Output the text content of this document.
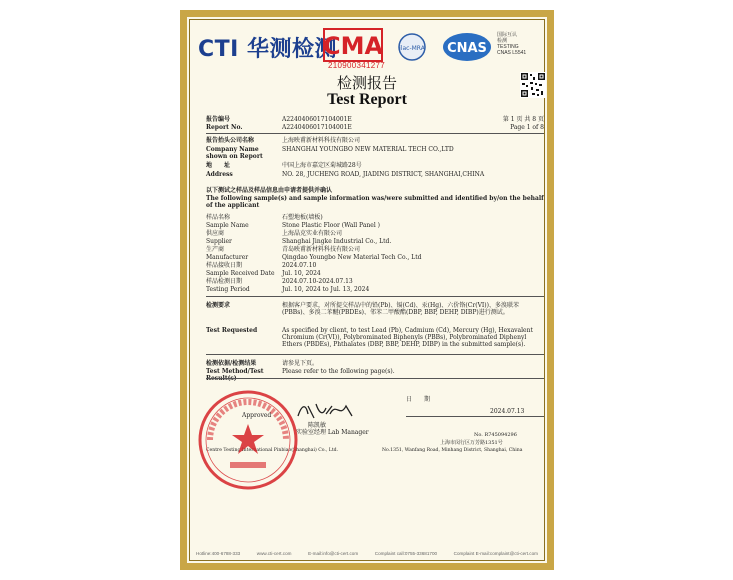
CTI 华测检测
CMA
210900341277
ilac-MRA CNAS
国际互认
检测
TESTING
CNAS L5541
检测报告
Test Report
报告编号	A2240406017104001E	第 1 页 共 8 页
Report No.	A2240406017104001E	Page 1 of 8
报告抬头公司名称	上海映甫新材料科技有限公司
Company Name shown on Report
SHANGHAI YOUNGBO NEW MATERIAL TECH CO.,LTD
地　　址	中国上海市嘉定区菊城路28号
Address	NO. 28, JUCHENG ROAD, JIADING DISTRICT, SHANGHAI,CHINA
以下测试之样品及样品信息由申请者提供并确认
The following sample(s) and sample information was/were submitted and identified by/on the behalf of the applicant
样品名称	石塑地板(墙板)
Sample Name	Stone Plastic Floor (Wall Panel )
供应商	上海晶克实业有限公司
Supplier	Shanghai Jingke Industrial Co., Ltd.
生产商	青岛映甫新材料科技有限公司
Manufacturer	Qingdao Youngbo New Material Tech Co., Ltd
样品接收日期	2024.07.10
Sample Received Date	Jul. 10, 2024
样品检测日期	2024.07.10-2024.07.13
Testing Period	Jul. 10, 2024 to Jul. 13, 2024
检测要求	根据客户要求，对所提交样品中的铅(Pb)、镉(Cd)、汞(Hg)、六价铬(Cr(VI))、多溴联苯(PBBs)、多溴二苯醚(PBDEs)、邻苯二甲酸酯(DBP, BBP, DEHP, DIBP)进行测试。
Test Requested	As specified by client, to test Lead (Pb), Cadmium (Cd), Mercury (Hg), Hexavalent Chromium (Cr(VI)), Polybrominated Biphenyls (PBBs), Polybrominated Diphenyl Ethers (PBDEs), Phthalates (DBP, BBP, DEHP, DIBP) in the submitted sample(s).
检测依据/检测结果	请参见下页。
Test Method/Test Result(s)
Please refer to the following page(s).
陈凯敏
实验室经理 Lab Manager
Approved
日　　期
2024.07.13
No. R745094296
上海市闵行区万芳路1351号
No.1351, Wanfang Road, Minhang District, Shanghai, China
Centre Testing International Pinbiao(Shanghai) Co., Ltd.
Hotline:400-6788-333	www.cti-cert.com	E-mail:info@cti-cert.com	Complaint call:0755-33681700	Complaint E-mail:complaint@cti-cert.com
